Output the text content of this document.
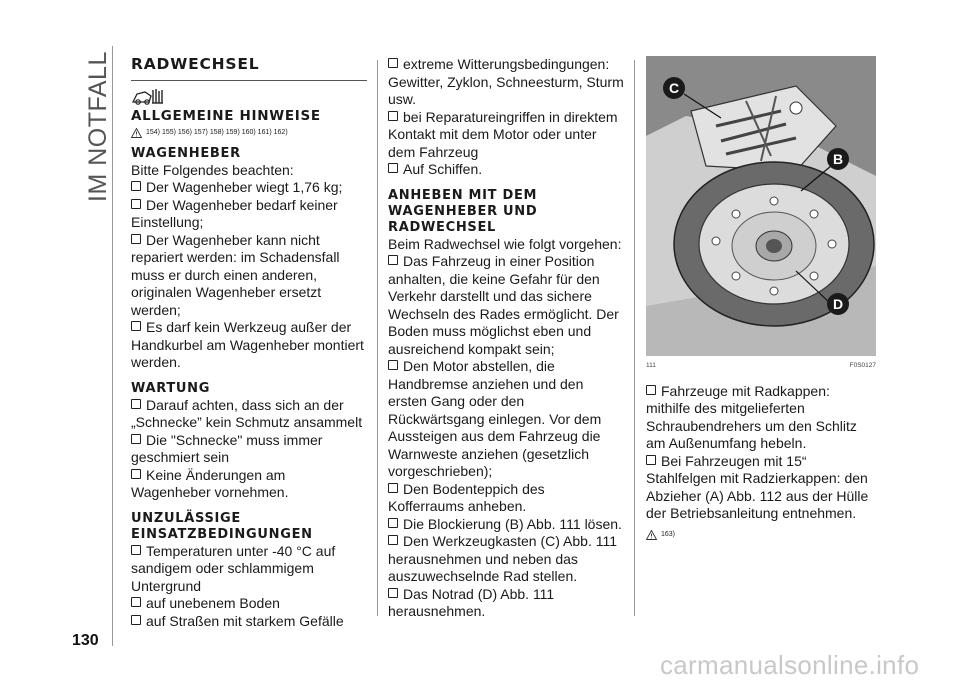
IM NOTFALL RADWECHSEL
ALLGEMEINE HINWEISE
154) 155) 156) 157) 158) 159) 160) 161) 162)
WAGENHEBER

Bitte Folgendes beachten:

Der Wagenheber wiegt 1,76 kg;

Der Wagenheber bedarf keiner Einstellung;

Der Wagenheber kann nicht repariert werden: im Schadensfall muss er durch einen anderen, originalen Wagenheber ersetzt werden;

Es darf kein Werkzeug außer der Handkurbel am Wagenheber montiert werden.

WARTUNG

Darauf achten, dass sich an der „Schnecke” kein Schmutz ansammelt

Die "Schnecke" muss immer geschmiert sein

Keine Änderungen am Wagenheber vornehmen.

UNZULÄSSIGE EINSATZBEDINGUNGEN

Temperaturen unter -40 °C auf sandigem oder schlammigem Untergrund

auf unebenem Boden

auf Straßen mit starkem Gefälle

extreme Witterungsbedingungen: Gewitter, Zyklon, Schneesturm, Sturm usw.

bei Reparatureingriffen in direktem Kontakt mit dem Motor oder unter dem Fahrzeug

Auf Schiffen.

ANHEBEN MIT DEM WAGENHEBER UND RADWECHSEL

Beim Radwechsel wie folgt vorgehen:

Das Fahrzeug in einer Position anhalten, die keine Gefahr für den Verkehr darstellt und das sichere Wechseln des Rades ermöglicht. Der Boden muss möglichst eben und ausreichend kompakt sein;

Den Motor abstellen, die Handbremse anziehen und den ersten Gang oder den Rückwärtsgang einlegen. Vor dem Aussteigen aus dem Fahrzeug die Warnweste anziehen (gesetzlich vorgeschrieben);

Den Bodenteppich des Kofferraums anheben.

Die Blockierung (B) Abb. 111 lösen.

Den Werkzeugkasten (C) Abb. 111 herausnehmen und neben das auszuwechselnde Rad stellen.

Das Notrad (D) Abb. 111 herausnehmen.

C
B
D
111	F0S0127

Fahrzeuge mit Radkappen: mithilfe des mitgelieferten Schraubendrehers um den Schlitz am Außenumfang hebeln.

Bei Fahrzeugen mit 15“ Stahlfelgen mit Radzierkappen: den Abzieher (A) Abb. 112 aus der Hülle der Betriebsanleitung entnehmen.

163)
130
carmanualsonline.info
